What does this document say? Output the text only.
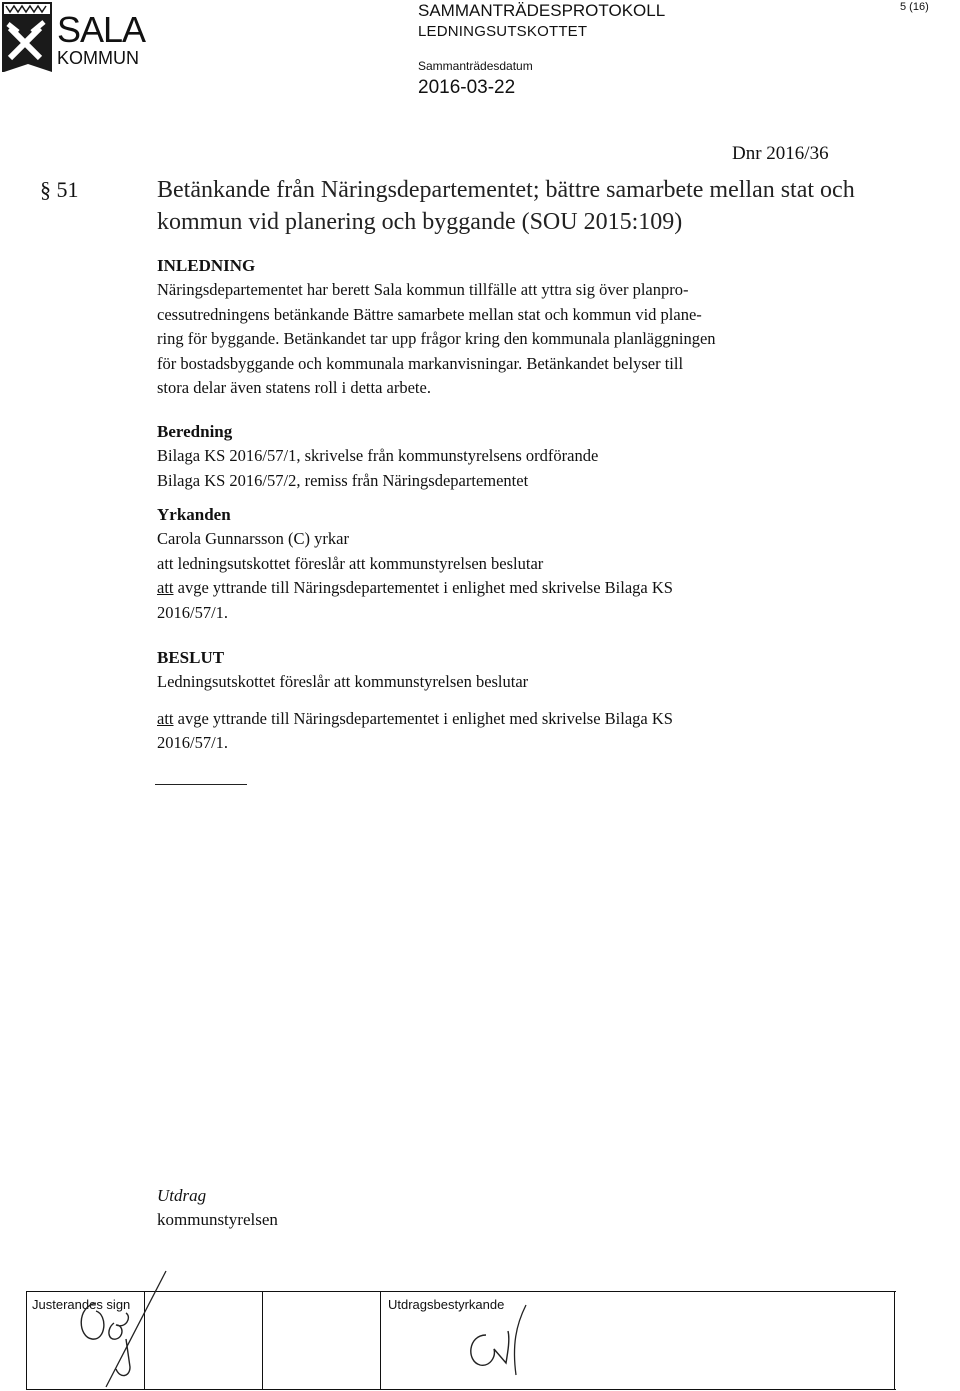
SALA
KOMMUN
SAMMANTRÄDESPROTOKOLL
LEDNINGSUTSKOTTET
Sammanträdesdatum
2016-03-22
5 (16)
Dnr 2016/36
§ 51	Betänkande från Näringsdepartementet; bättre samarbete mellan stat och kommun vid planering och byggande (SOU 2015:109)
INLEDNING

Näringsdepartementet har berett Sala kommun tillfälle att yttra sig över planpro-

cessutredningens betänkande Bättre samarbete mellan stat och kommun vid plane-

ring för byggande. Betänkandet tar upp frågor kring den kommunala planläggningen

för bostadsbyggande och kommunala markanvisningar. Betänkandet belyser till

stora delar även statens roll i detta arbete.

Beredning

Bilaga KS 2016/57/1, skrivelse från kommunstyrelsens ordförande

Bilaga KS 2016/57/2, remiss från Näringsdepartementet

Yrkanden

Carola Gunnarsson (C) yrkar

att ledningsutskottet föreslår att kommunstyrelsen beslutar

att avge yttrande till Näringsdepartementet i enlighet med skrivelse Bilaga KS

2016/57/1.

BESLUT

Ledningsutskottet föreslår att kommunstyrelsen beslutar

att avge yttrande till Näringsdepartementet i enlighet med skrivelse Bilaga KS

2016/57/1.

Utdrag
kommunstyrelsen
Justerandes sign	Utdragsbestyrkande
